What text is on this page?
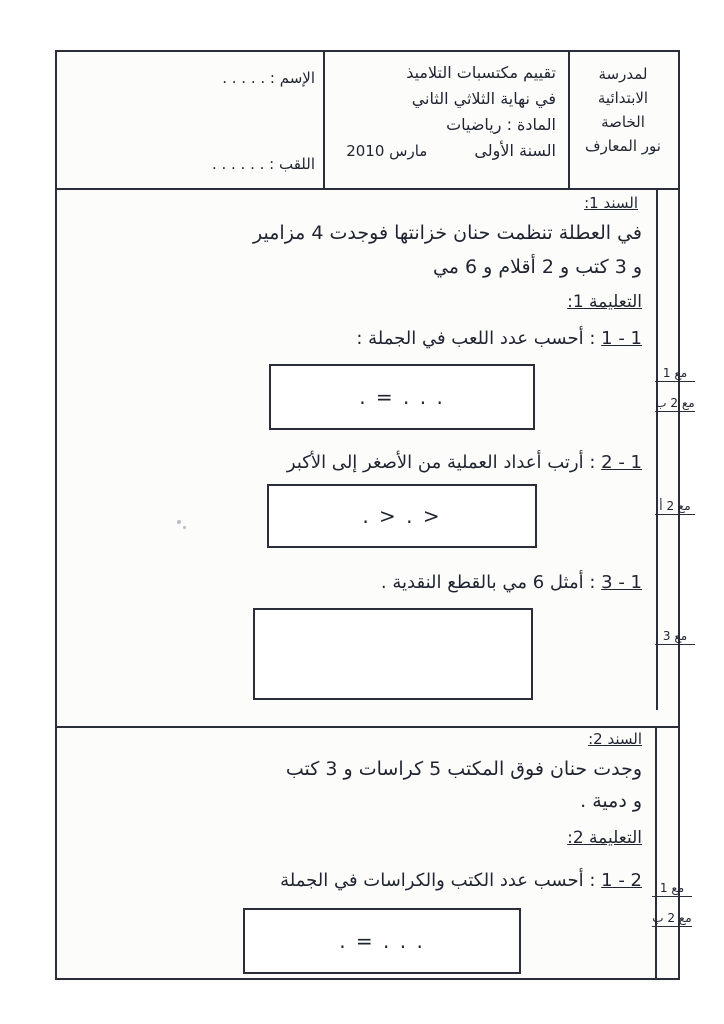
لمدرسة الابتدائية
الخاصة
نور المعارف
تقييم مكتسبات التلاميذ
في نهاية الثلاثي الثاني
المادة : رياضيات
السنة الأولى مارس 2010
الإسم : . . . . .
اللقب : . . . . . .
السند 1:
في العطلة تنظمت حنان خزانتها فوجدت 4 مزامير
و 3 كتب و 2 أقلام و 6 مي
التعليمة 1:
1 - 1 : أحسب عدد اللعب في الجملة :
. = . . .
1 - 2 : أرتب أعداد العملية من الأصغر إلى الأكبر
. > . >
1 - 3 : أمثل 6 مي بالقطع النقدية .
السند 2:
وجدت حنان فوق المكتب 5 كراسات و 3 كتب
و دمية .
التعليمة 2:
2 - 1 : أحسب عدد الكتب والكراسات في الجملة
. = . . .
مع 1
مع 2 ب
مع 2 أ
مع 3
مع 1
مع 2 ب
